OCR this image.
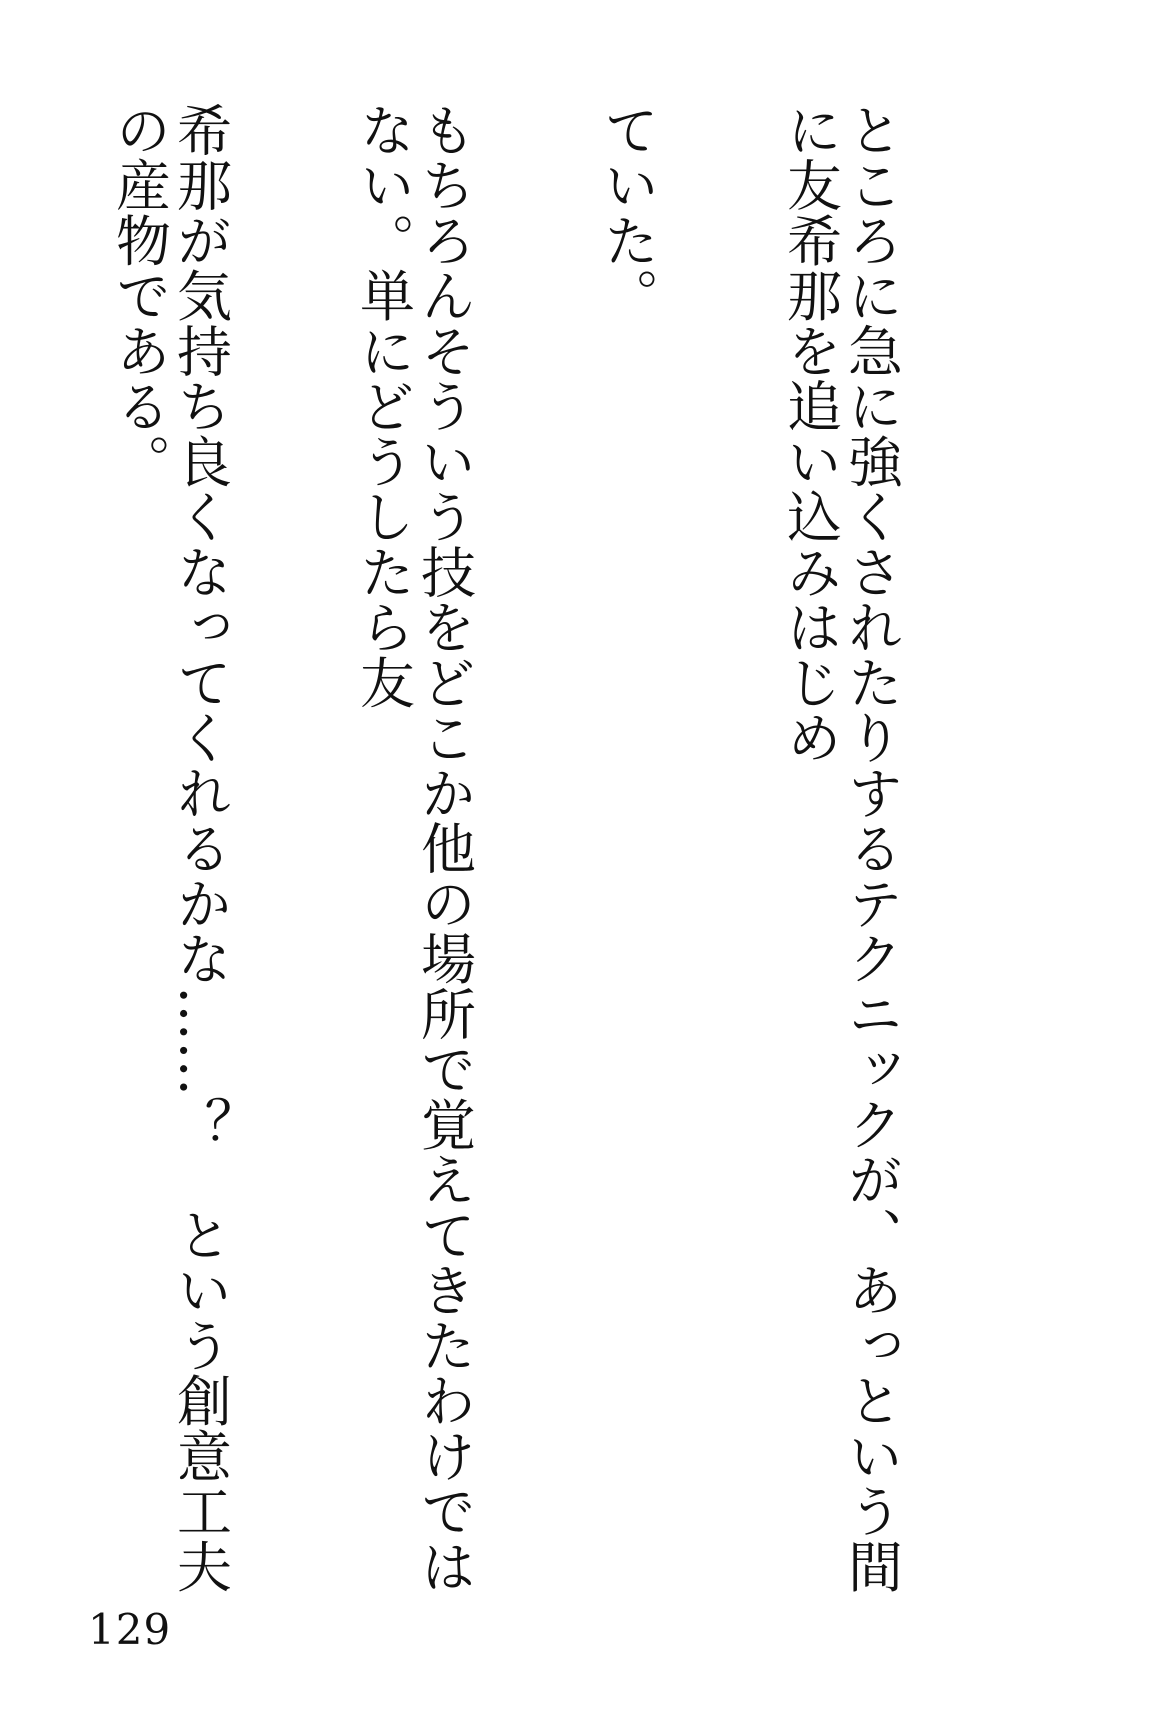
ところに急に強くされたりするテクニックが、あっという間に友希那を追い込みはじめ

ていた。

もちろんそういう技をどこか他の場所で覚えてきたわけではない。単にどうしたら友

希那が気持ち良くなってくれるかな……？　という創意工夫の産物である。

129
